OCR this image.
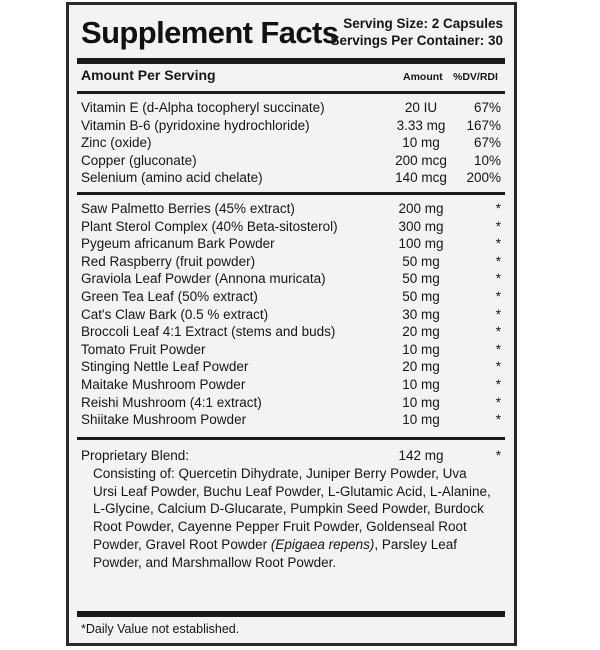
Supplement Facts Serving Size: 2 Capsules
Servings Per Container: 30
Amount Per Serving	Amount %DV/RDI
Vitamin E (d-Alpha tocopheryl succinate)	20 IU	67%
Vitamin B-6 (pyridoxine hydrochloride)	3.33 mg	167%
Zinc (oxide)	10 mg	67%
Copper (gluconate)	200 mcg	10%
Selenium (amino acid chelate)	140 mcg	200%
Saw Palmetto Berries (45% extract)	200 mg	*
Plant Sterol Complex (40% Beta-sitosterol)	300 mg	*
Pygeum africanum Bark Powder	100 mg	*
Red Raspberry (fruit powder)	50 mg	*
Graviola Leaf Powder (Annona muricata)	50 mg	*
Green Tea Leaf (50% extract)	50 mg	*
Cat's Claw Bark (0.5 % extract)	30 mg	*
Broccoli Leaf 4:1 Extract (stems and buds)	20 mg	*
Tomato Fruit Powder	10 mg	*
Stinging Nettle Leaf Powder	20 mg	*
Maitake Mushroom Powder	10 mg	*
Reishi Mushroom (4:1 extract)	10 mg	*
Shiitake Mushroom Powder	10 mg	*
Proprietary Blend:	142 mg	*
Consisting of: Quercetin Dihydrate, Juniper Berry Powder, Uva Ursi Leaf Powder, Buchu Leaf Powder, L-Glutamic Acid, L-Alanine, L-Glycine, Calcium D-Glucarate, Pumpkin Seed Powder, Burdock Root Powder, Cayenne Pepper Fruit Powder, Goldenseal Root Powder, Gravel Root Powder (Epigaea repens), Parsley Leaf Powder, and Marshmallow Root Powder.
*Daily Value not established.
